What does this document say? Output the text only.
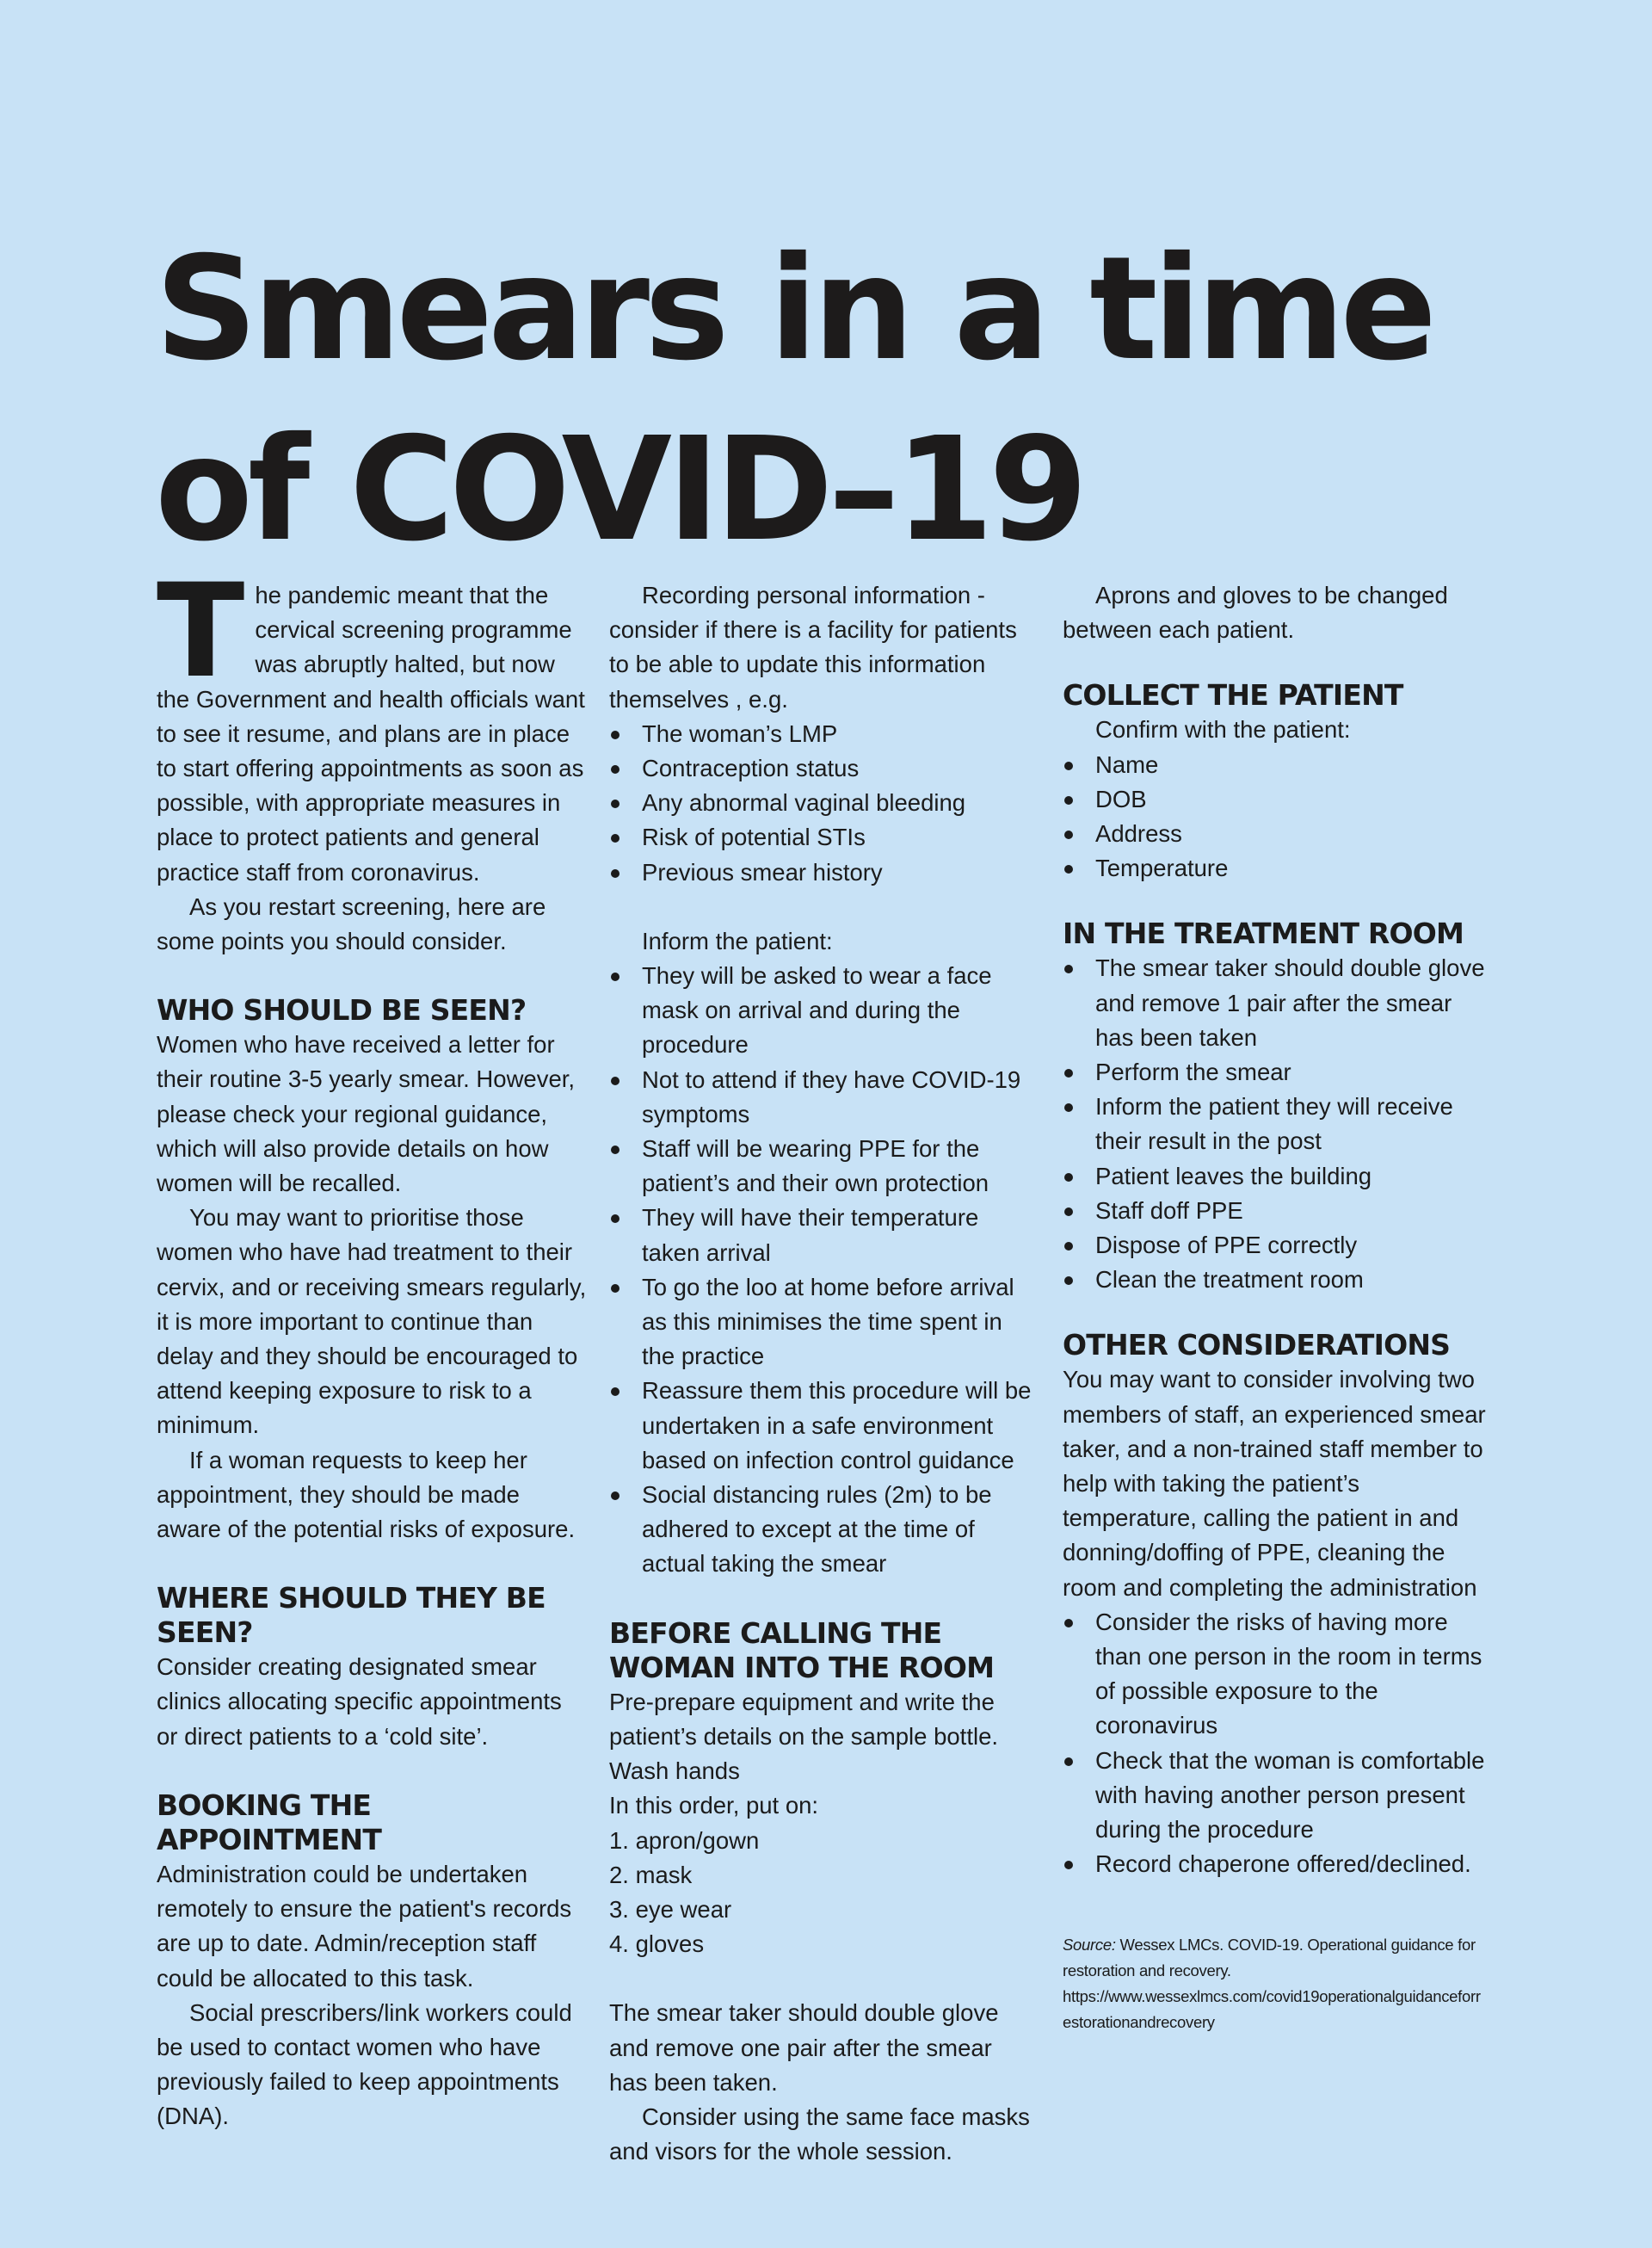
Smears in a time of COVID–19

The pandemic meant that the cervical screening programme was abruptly halted, but now the Government and health officials want to see it resume, and plans are in place to start offering appointments as soon as possible, with appropriate measures in place to protect patients and general practice staff from coronavirus.

As you restart screening, here are some points you should consider.

WHO SHOULD BE SEEN?

Women who have received a letter for their routine 3-5 yearly smear. However, please check your regional guidance, which will also provide details on how women will be recalled.

You may want to prioritise those women who have had treatment to their cervix, and or receiving smears regularly, it is more important to continue than delay and they should be encouraged to attend keeping exposure to risk to a minimum.

If a woman requests to keep her appointment, they should be made aware of the potential risks of exposure.

WHERE SHOULD THEY BE SEEN?

Consider creating designated smear clinics allocating specific appointments or direct patients to a ‘cold site’.

BOOKING THE APPOINTMENT

Administration could be undertaken remotely to ensure the patient's records are up to date. Admin/reception staff could be allocated to this task.

Social prescribers/link workers could be used to contact women who have previously failed to keep appointments (DNA).

Recording personal information - consider if there is a facility for patients to be able to update this information themselves , e.g.

The woman’s LMP
Contraception status
Any abnormal vaginal bleeding
Risk of potential STIs
Previous smear history

Inform the patient:

They will be asked to wear a face mask on arrival and during the procedure
Not to attend if they have COVID-19 symptoms
Staff will be wearing PPE for the patient’s and their own protection
They will have their temperature taken arrival
To go the loo at home before arrival as this minimises the time spent in the practice
Reassure them this procedure will be undertaken in a safe environment based on infection control guidance
Social distancing rules (2m) to be adhered to except at the time of actual taking the smear
BEFORE CALLING THE WOMAN INTO THE ROOM

Pre-prepare equipment and write the patient’s details on the sample bottle.

Wash hands

In this order, put on:

1. apron/gown

2. mask

3. eye wear

4. gloves

The smear taker should double glove and remove one pair after the smear has been taken.

Consider using the same face masks and visors for the whole session.

Aprons and gloves to be changed between each patient.

COLLECT THE PATIENT

Confirm with the patient:

Name
DOB
Address
Temperature
IN THE TREATMENT ROOM
The smear taker should double glove and remove 1 pair after the smear has been taken
Perform the smear
Inform the patient they will receive their result in the post
Patient leaves the building
Staff doff PPE
Dispose of PPE correctly
Clean the treatment room
OTHER CONSIDERATIONS

You may want to consider involving two members of staff, an experienced smear taker, and a non-trained staff member to help with taking the patient’s temperature, calling the patient in and donning/doffing of PPE, cleaning the room and completing the administration

Consider the risks of having more than one person in the room in terms of possible exposure to the coronavirus
Check that the woman is comfortable with having another person present during the procedure
Record chaperone offered/declined.
Source: Wessex LMCs. COVID-19. Operational guidance for restoration and recovery.
https://www.wessexlmcs.com/covid19operationalguidanceforrestorationandrecovery
